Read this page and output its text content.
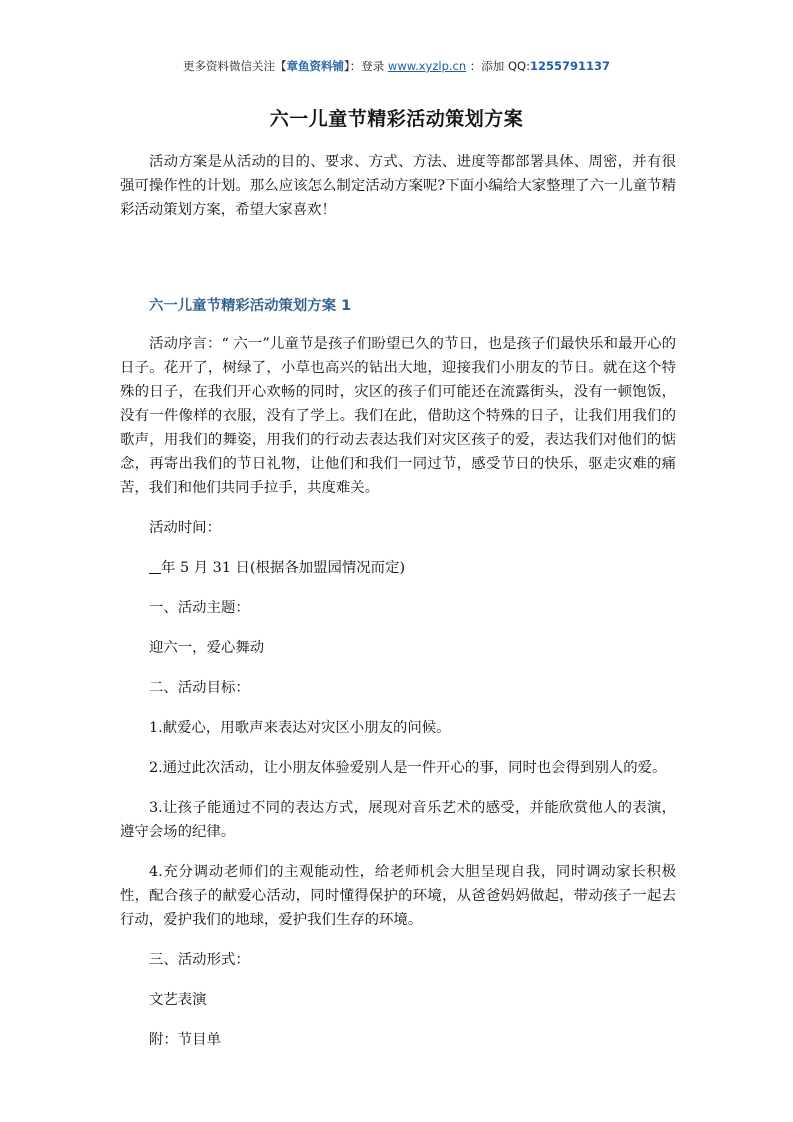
更多资料微信关注【章鱼资料铺】：登录 www.xyzlp.cn ：添加 QQ:1255791137
六一儿童节精彩活动策划方案

活动方案是从活动的目的、要求、方式、方法、进度等都部署具体、周密，并有很强可操作性的计划。那么应该怎么制定活动方案呢?下面小编给大家整理了六一儿童节精彩活动策划方案，希望大家喜欢！

六一儿童节精彩活动策划方案 1

活动序言：“ 六一”儿童节是孩子们盼望已久的节日，也是孩子们最快乐和最开心的日子。花开了，树绿了，小草也高兴的钻出大地，迎接我们小朋友的节日。就在这个特殊的日子，在我们开心欢畅的同时，灾区的孩子们可能还在流露街头，没有一顿饱饭，没有一件像样的衣服，没有了学上。我们在此，借助这个特殊的日子，让我们用我们的歌声，用我们的舞姿，用我们的行动去表达我们对灾区孩子的爱，表达我们对他们的惦念，再寄出我们的节日礼物，让他们和我们一同过节，感受节日的快乐，驱走灾难的痛苦，我们和他们共同手拉手，共度难关。

活动时间：

年 5 月 31 日(根据各加盟园情况而定)

一、活动主题：

迎六一，爱心舞动

二、活动目标：

1.献爱心，用歌声来表达对灾区小朋友的问候。

2.通过此次活动，让小朋友体验爱别人是一件开心的事，同时也会得到别人的爱。

3.让孩子能通过不同的表达方式，展现对音乐艺术的感受，并能欣赏他人的表演，遵守会场的纪律。

4.充分调动老师们的主观能动性，给老师机会大胆呈现自我，同时调动家长积极性，配合孩子的献爱心活动，同时懂得保护的环境，从爸爸妈妈做起，带动孩子一起去行动，爱护我们的地球，爱护我们生存的环境。

三、活动形式：

文艺表演

附：节目单
